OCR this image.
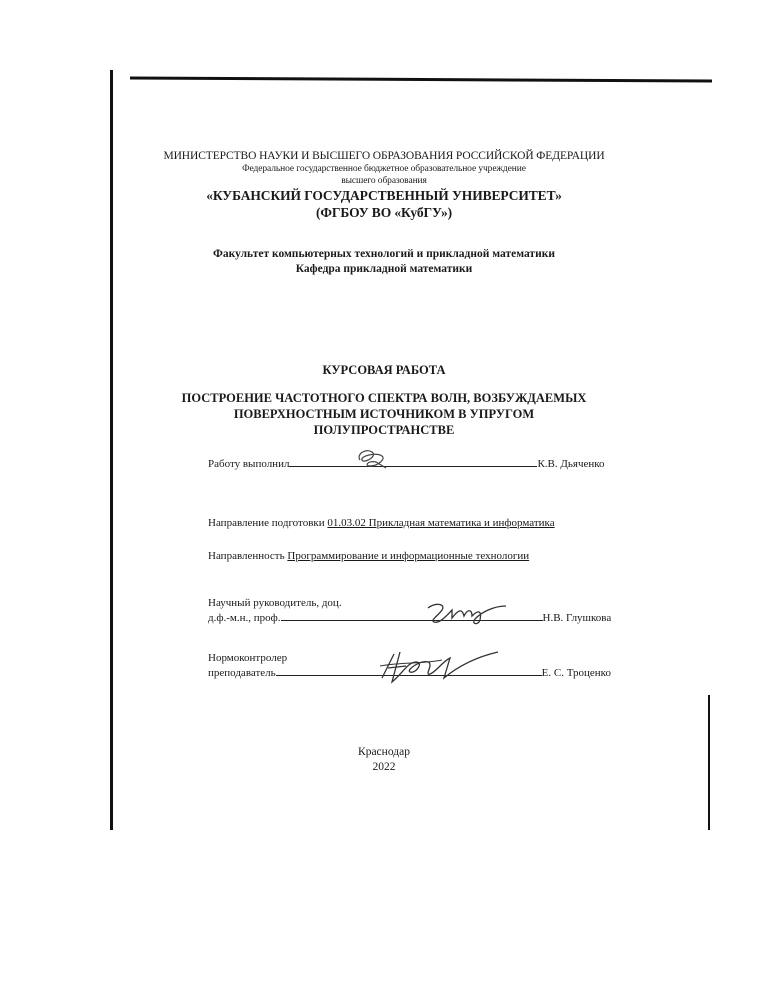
МИНИСТЕРСТВО НАУКИ И ВЫСШЕГО ОБРАЗОВАНИЯ РОССИЙСКОЙ ФЕДЕРАЦИИ
Федеральное государственное бюджетное образовательное учреждение
высшего образования
«КУБАНСКИЙ ГОСУДАРСТВЕННЫЙ УНИВЕРСИТЕТ»
(ФГБОУ ВО «КубГУ»)
Факультет компьютерных технологий и прикладной математики
Кафедра прикладной математики
КУРСОВАЯ РАБОТА
ПОСТРОЕНИЕ ЧАСТОТНОГО СПЕКТРА ВОЛН, ВОЗБУЖДАЕМЫХ
ПОВЕРХНОСТНЫМ ИСТОЧНИКОМ В УПРУГОМ
ПОЛУПРОСТРАНСТВЕ
Работу выполнил	К.В. Дьяченко
Направление подготовки 01.03.02 Прикладная математика и информатика
Направленность Программирование и информационные технологии
Научный руководитель, доц.
д.ф.-м.н., проф.	Н.В. Глушкова
Нормоконтролер
преподаватель	Е. С. Троценко
Краснодар
2022
